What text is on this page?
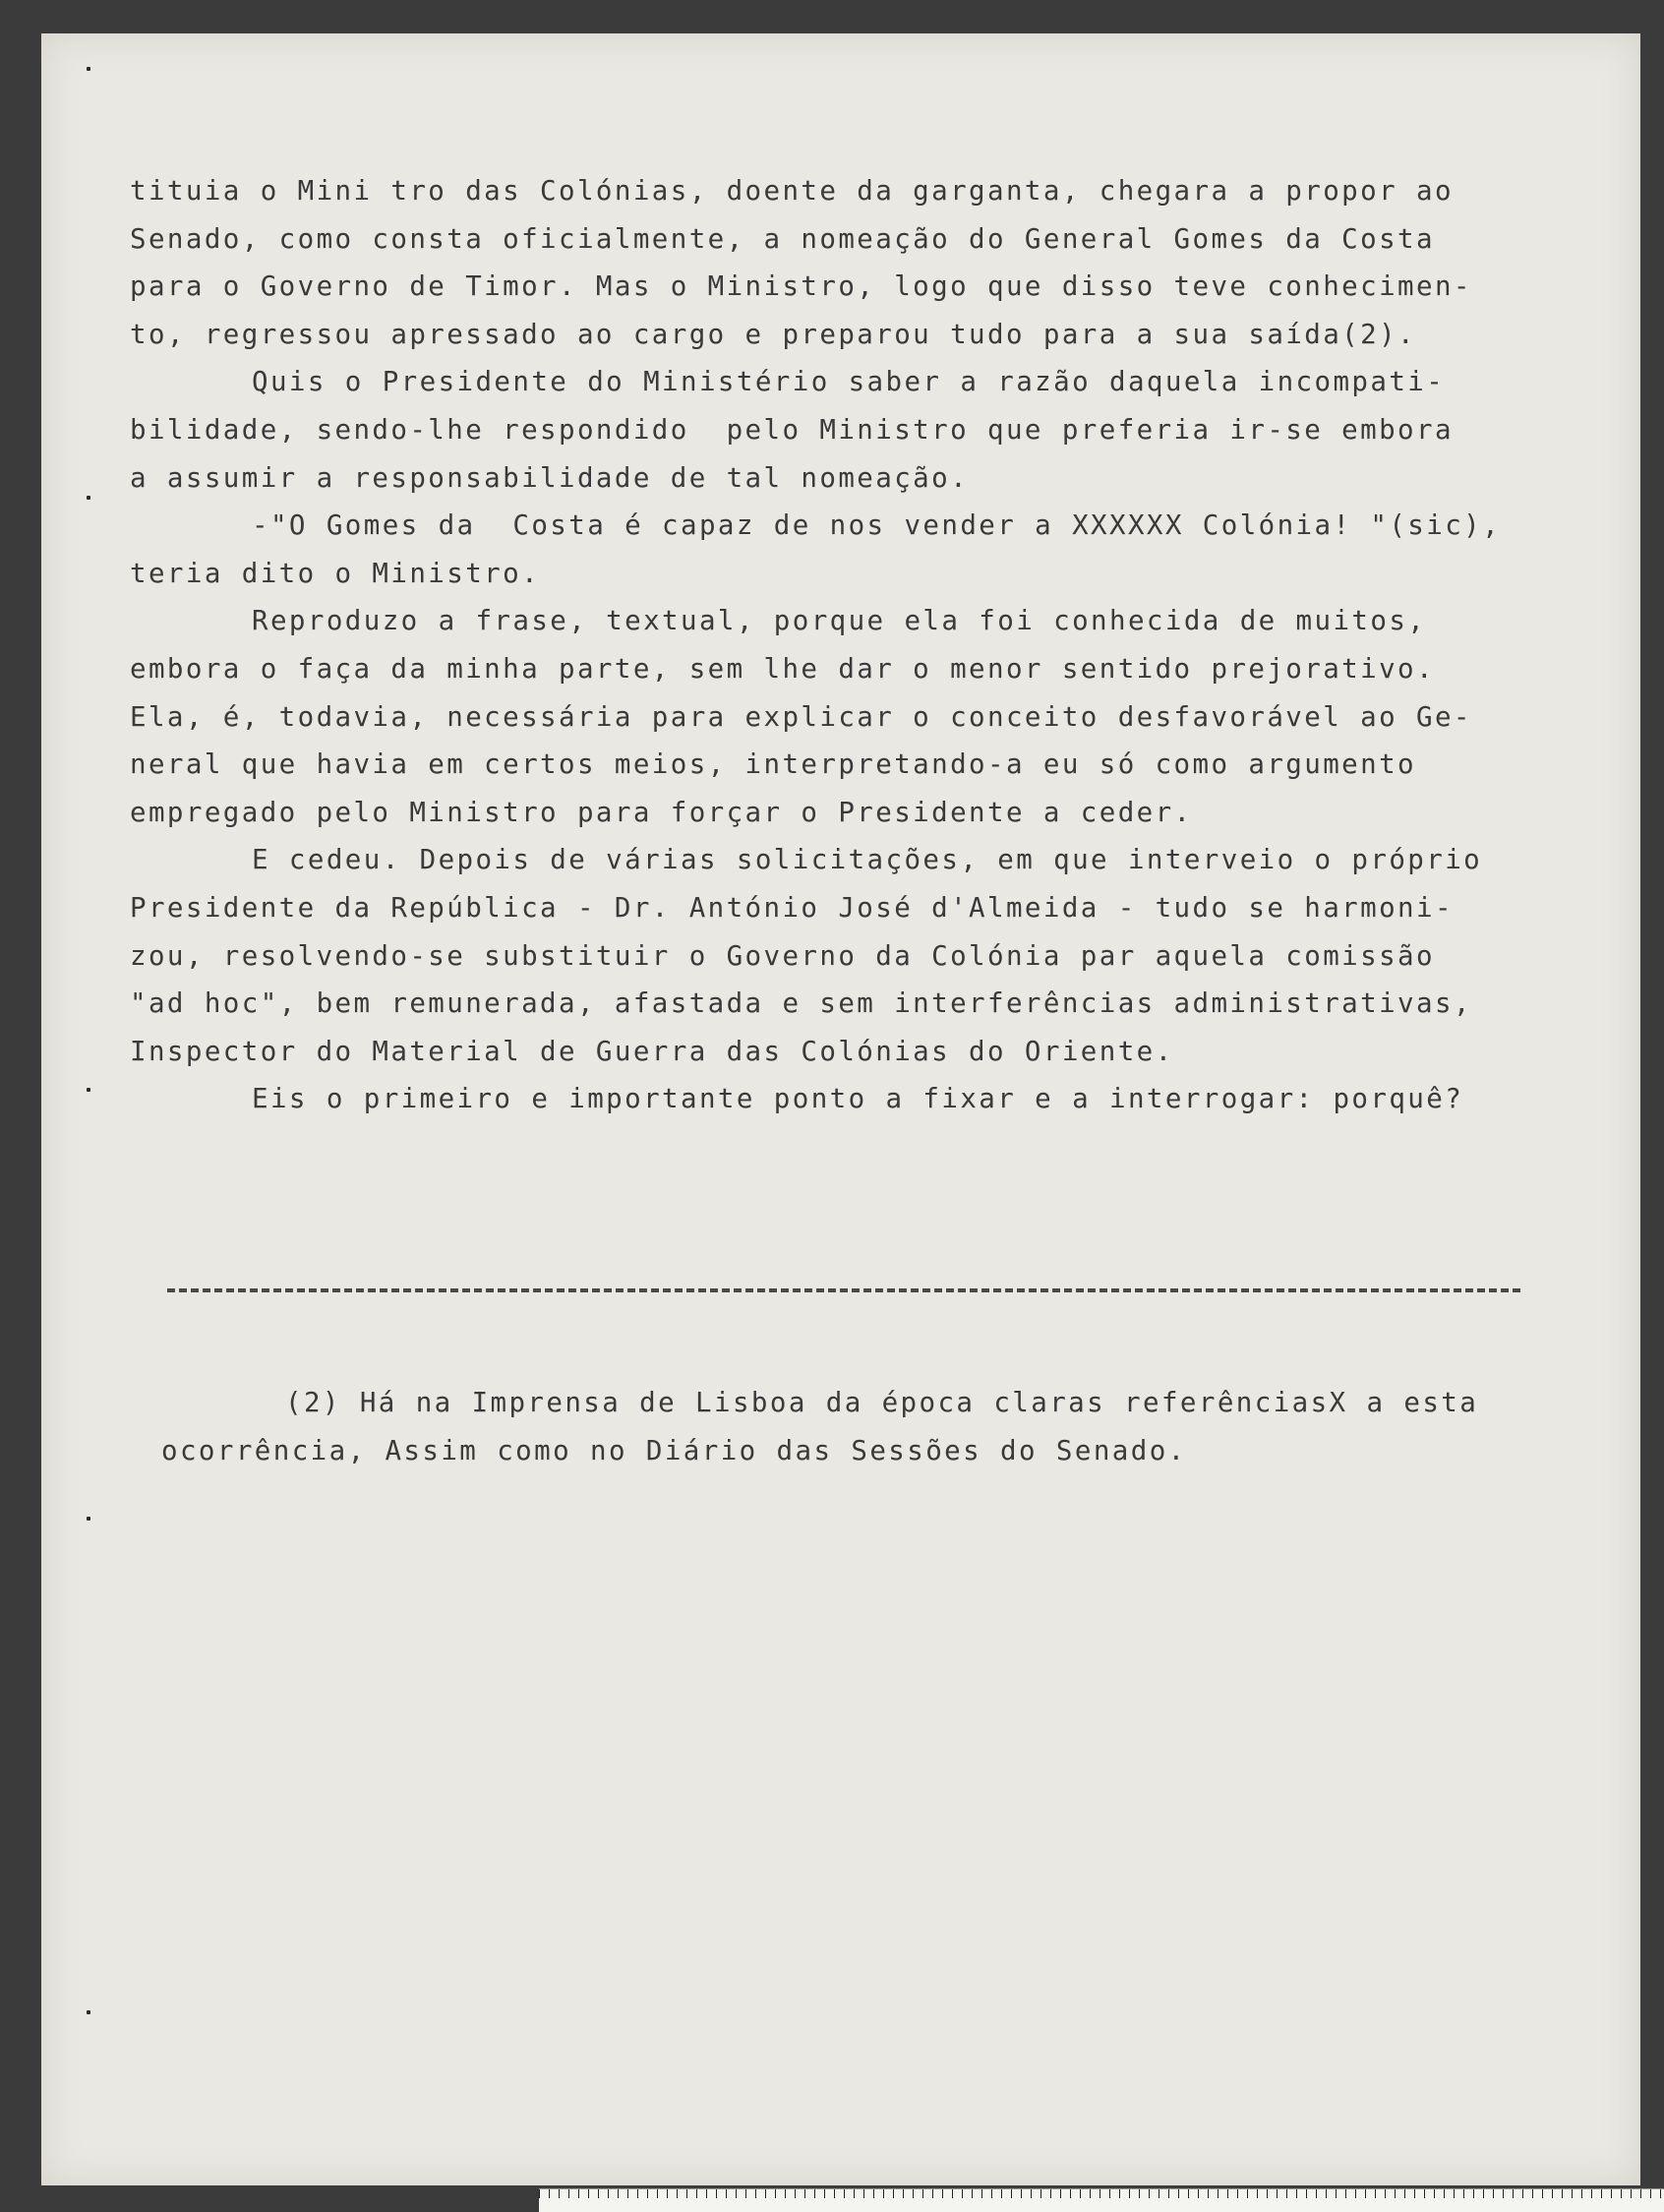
tituia o Mini tro das Colónias, doente da garganta, chegara a propor ao
Senado, como consta oficialmente, a nomeação do General Gomes da Costa
para o Governo de Timor. Mas o Ministro, logo que disso teve conhecimen-
to, regressou apressado ao cargo e preparou tudo para a sua saída(2).
Quis o Presidente do Ministério saber a razão daquela incompati-
bilidade, sendo-lhe respondido  pelo Ministro que preferia ir-se embora
a assumir a responsabilidade de tal nomeação.
-"O Gomes da  Costa é capaz de nos vender a XXXXXX Colónia! "(sic),
teria dito o Ministro.
Reproduzo a frase, textual, porque ela foi conhecida de muitos,
embora o faça da minha parte, sem lhe dar o menor sentido prejorativo.
Ela, é, todavia, necessária para explicar o conceito desfavorável ao Ge-
neral que havia em certos meios, interpretando-a eu só como argumento
empregado pelo Ministro para forçar o Presidente a ceder.
E cedeu. Depois de várias solicitações, em que interveio o próprio
Presidente da República - Dr. António José d'Almeida - tudo se harmoni-
zou, resolvendo-se substituir o Governo da Colónia par aquela comissão
"ad hoc", bem remunerada, afastada e sem interferências administrativas,
Inspector do Material de Guerra das Colónias do Oriente.
Eis o primeiro e importante ponto a fixar e a interrogar: porquê?
(2) Há na Imprensa de Lisboa da época claras referênciasX a esta
ocorrência, Assim como no Diário das Sessões do Senado.
